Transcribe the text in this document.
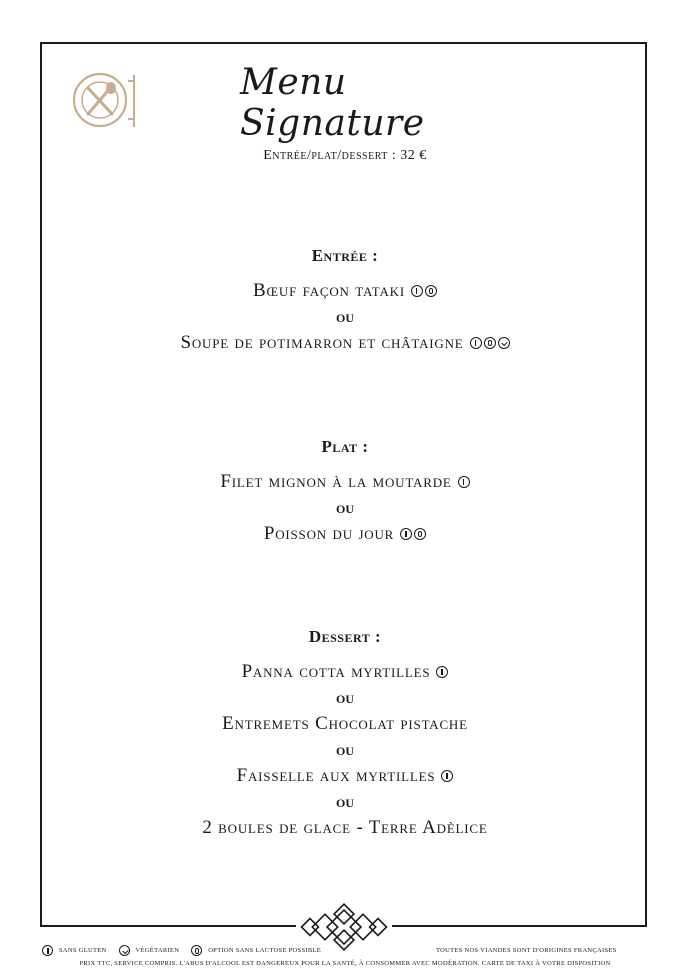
Menu Signature
Entrée/plat/dessert : 32 €
Entrée :
Bœuf façon tataki
ou
Soupe de potimarron et châtaigne
Plat :
Filet mignon à la moutarde
ou
Poisson du jour
Dessert :
Panna cotta myrtilles
ou
Entremets Chocolat pistache
ou
Faisselle aux myrtilles
ou
2 boules de glace - Terre Adèlice
SANS GLUTEN	VÉGÉTARIEN	OPTION SANS LACTOSE POSSIBLE	TOUTES NOS VIANDES SONT D'ORIGINES FRANÇAISES
PRIX TTC, SERVICE COMPRIS. L'ABUS D'ALCOOL EST DANGEREUX POUR LA SANTÉ, À CONSOMMER AVEC MODÉRATION. CARTE DE TAXI À VOTRE DISPOSITION
